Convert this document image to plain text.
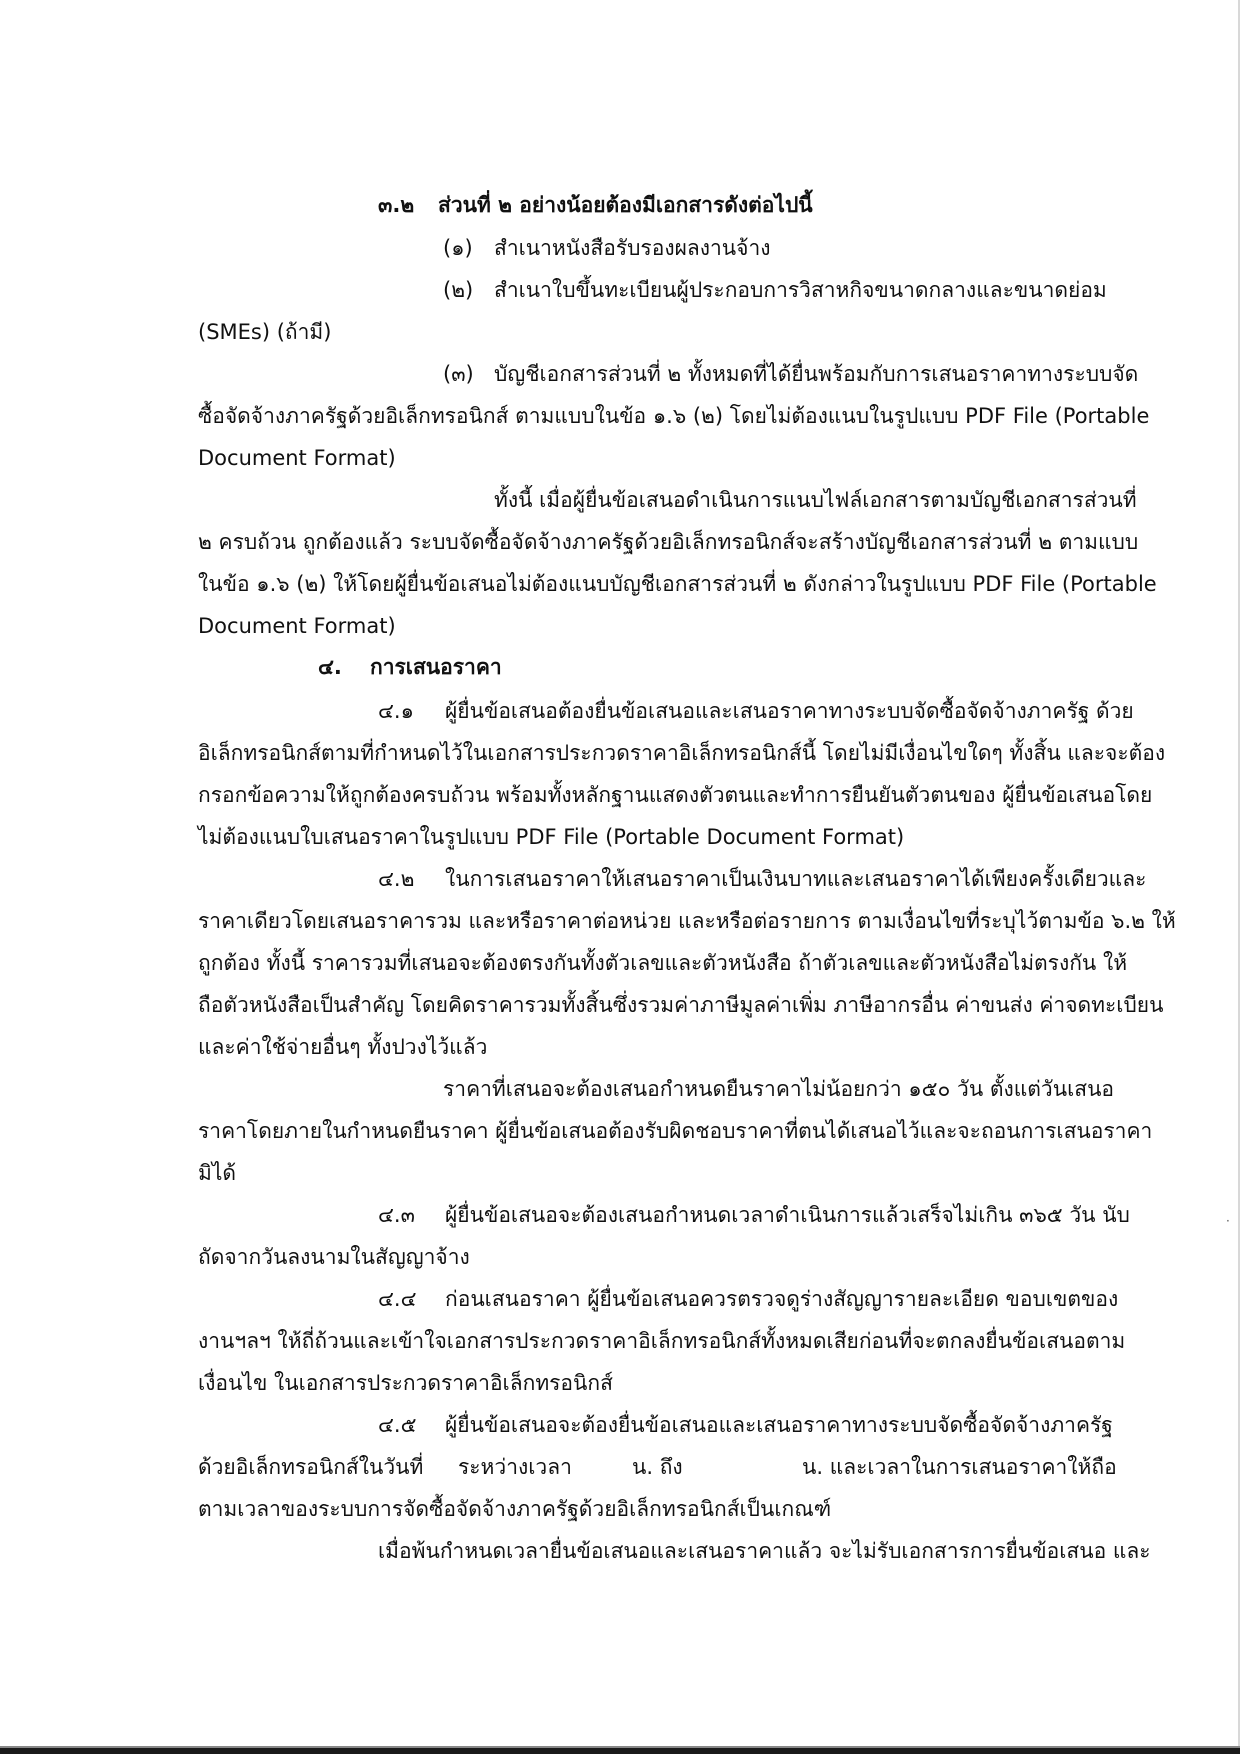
๓.๒ ส่วนที่ ๒ อย่างน้อยต้องมีเอกสารดังต่อไปนี้
(๑) สำเนาหนังสือรับรองผลงานจ้าง
(๒) สำเนาใบขึ้นทะเบียนผู้ประกอบการวิสาหกิจขนาดกลางและขนาดย่อม
(SMEs) (ถ้ามี)
(๓) บัญชีเอกสารส่วนที่ ๒ ทั้งหมดที่ได้ยื่นพร้อมกับการเสนอราคาทางระบบจัด
ซื้อจัดจ้างภาครัฐด้วยอิเล็กทรอนิกส์ ตามแบบในข้อ ๑.๖ (๒) โดยไม่ต้องแนบในรูปแบบ PDF File (Portable
Document Format)
ทั้งนี้ เมื่อผู้ยื่นข้อเสนอดำเนินการแนบไฟล์เอกสารตามบัญชีเอกสารส่วนที่
๒ ครบถ้วน ถูกต้องแล้ว ระบบจัดซื้อจัดจ้างภาครัฐด้วยอิเล็กทรอนิกส์จะสร้างบัญชีเอกสารส่วนที่ ๒ ตามแบบ
ในข้อ ๑.๖ (๒) ให้โดยผู้ยื่นข้อเสนอไม่ต้องแนบบัญชีเอกสารส่วนที่ ๒ ดังกล่าวในรูปแบบ PDF File (Portable
Document Format)
๔. การเสนอราคา
๔.๑ ผู้ยื่นข้อเสนอต้องยื่นข้อเสนอและเสนอราคาทางระบบจัดซื้อจัดจ้างภาครัฐ ด้วย
อิเล็กทรอนิกส์ตามที่กำหนดไว้ในเอกสารประกวดราคาอิเล็กทรอนิกส์นี้ โดยไม่มีเงื่อนไขใดๆ ทั้งสิ้น และจะต้อง
กรอกข้อความให้ถูกต้องครบถ้วน พร้อมทั้งหลักฐานแสดงตัวตนและทำการยืนยันตัวตนของ ผู้ยื่นข้อเสนอโดย
ไม่ต้องแนบใบเสนอราคาในรูปแบบ PDF File (Portable Document Format)
๔.๒ ในการเสนอราคาให้เสนอราคาเป็นเงินบาทและเสนอราคาได้เพียงครั้งเดียวและ
ราคาเดียวโดยเสนอราคารวม และหรือราคาต่อหน่วย และหรือต่อรายการ ตามเงื่อนไขที่ระบุไว้ตามข้อ ๖.๒ ให้
ถูกต้อง ทั้งนี้ ราคารวมที่เสนอจะต้องตรงกันทั้งตัวเลขและตัวหนังสือ ถ้าตัวเลขและตัวหนังสือไม่ตรงกัน ให้
ถือตัวหนังสือเป็นสำคัญ โดยคิดราคารวมทั้งสิ้นซึ่งรวมค่าภาษีมูลค่าเพิ่ม ภาษีอากรอื่น ค่าขนส่ง ค่าจดทะเบียน
และค่าใช้จ่ายอื่นๆ ทั้งปวงไว้แล้ว
ราคาที่เสนอจะต้องเสนอกำหนดยืนราคาไม่น้อยกว่า ๑๕๐ วัน ตั้งแต่วันเสนอ
ราคาโดยภายในกำหนดยืนราคา ผู้ยื่นข้อเสนอต้องรับผิดชอบราคาที่ตนได้เสนอไว้และจะถอนการเสนอราคา
มิได้
๔.๓ ผู้ยื่นข้อเสนอจะต้องเสนอกำหนดเวลาดำเนินการแล้วเสร็จไม่เกิน ๓๖๕ วัน นับ
ถัดจากวันลงนามในสัญญาจ้าง
·
๔.๔ ก่อนเสนอราคา ผู้ยื่นข้อเสนอควรตรวจดูร่างสัญญารายละเอียด ขอบเขตของ
งานฯลฯ ให้ถี่ถ้วนและเข้าใจเอกสารประกวดราคาอิเล็กทรอนิกส์ทั้งหมดเสียก่อนที่จะตกลงยื่นข้อเสนอตาม
เงื่อนไข ในเอกสารประกวดราคาอิเล็กทรอนิกส์
๔.๕ ผู้ยื่นข้อเสนอจะต้องยื่นข้อเสนอและเสนอราคาทางระบบจัดซื้อจัดจ้างภาครัฐ
ด้วยอิเล็กทรอนิกส์ในวันที่ ระหว่างเวลา	น. ถึง	น. และเวลาในการเสนอราคาให้ถือ
ตามเวลาของระบบการจัดซื้อจัดจ้างภาครัฐด้วยอิเล็กทรอนิกส์เป็นเกณฑ์
เมื่อพ้นกำหนดเวลายื่นข้อเสนอและเสนอราคาแล้ว จะไม่รับเอกสารการยื่นข้อเสนอ และ
